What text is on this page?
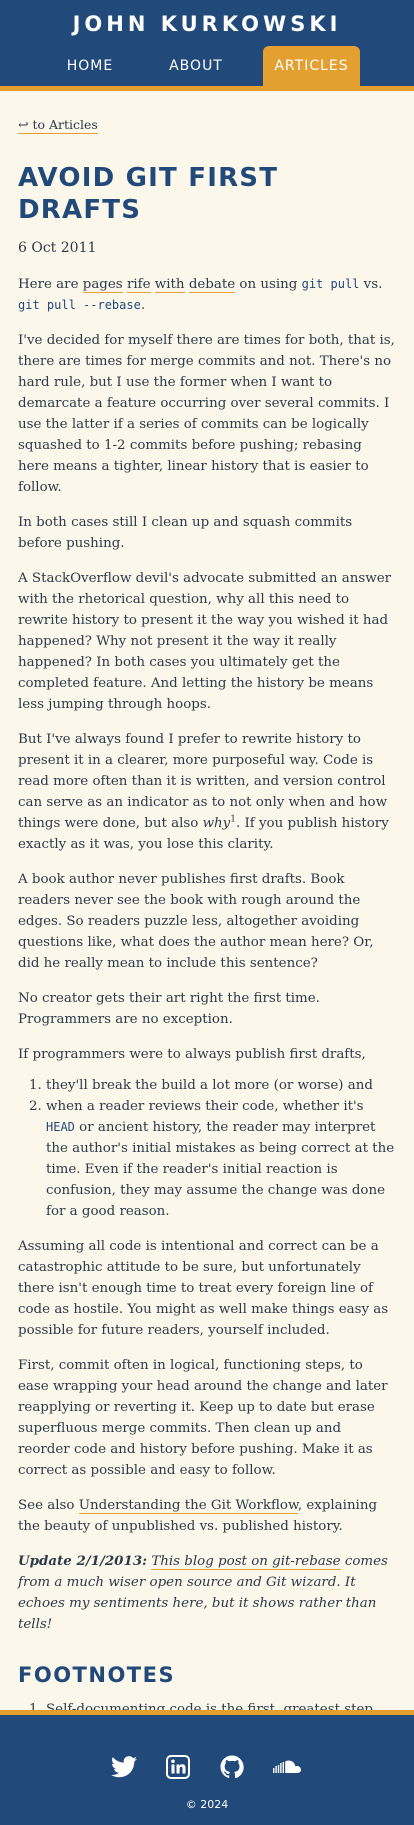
JOHN KURKOWSKI
HOME	ABOUT	ARTICLES
↩ to Articles
AVOID GIT FIRST DRAFTS
6 Oct 2011

Here are pages rife with debate on using git pull vs. git pull --rebase.

I've decided for myself there are times for both, that is, there are times for merge commits and not. There's no hard rule, but I use the former when I want to demarcate a feature occurring over several commits. I use the latter if a series of commits can be logically squashed to 1-2 commits before pushing; rebasing here means a tighter, linear history that is easier to follow.

In both cases still I clean up and squash commits before pushing.

A StackOverflow devil's advocate submitted an answer with the rhetorical question, why all this need to rewrite history to present it the way you wished it had happened? Why not present it the way it really happened? In both cases you ultimately get the completed feature. And letting the history be means less jumping through hoops.

But I've always found I prefer to rewrite history to present it in a clearer, more purposeful way. Code is read more often than it is written, and version control can serve as an indicator as to not only when and how things were done, but also why$^1$. If you publish history exactly as it was, you lose this clarity.

A book author never publishes first drafts. Book readers never see the book with rough around the edges. So readers puzzle less, altogether avoiding questions like, what does the author mean here? Or, did he really mean to include this sentence?

No creator gets their art right the first time. Programmers are no exception.

If programmers were to always publish first drafts,

1. they'll break the build a lot more (or worse) and
2. when a reader reviews their code, whether it's HEAD or ancient history, the reader may interpret the author's initial mistakes as being correct at the time. Even if the reader's initial reaction is confusion, they may assume the change was done for a good reason.

Assuming all code is intentional and correct can be a catastrophic attitude to be sure, but unfortunately there isn't enough time to treat every foreign line of code as hostile. You might as well make things easy as possible for future readers, yourself included.

First, commit often in logical, functioning steps, to ease wrapping your head around the change and later reapplying or reverting it. Keep up to date but erase superfluous merge commits. Then clean up and reorder code and history before pushing. Make it as correct as possible and easy to follow.

See also Understanding the Git Workflow, explaining the beauty of unpublished vs. published history.

Update 2/1/2013: This blog post on git-rebase comes from a much wiser open source and Git wizard. It echoes my sentiments here, but it shows rather than tells!

FOOTNOTES
1.

© 2024
